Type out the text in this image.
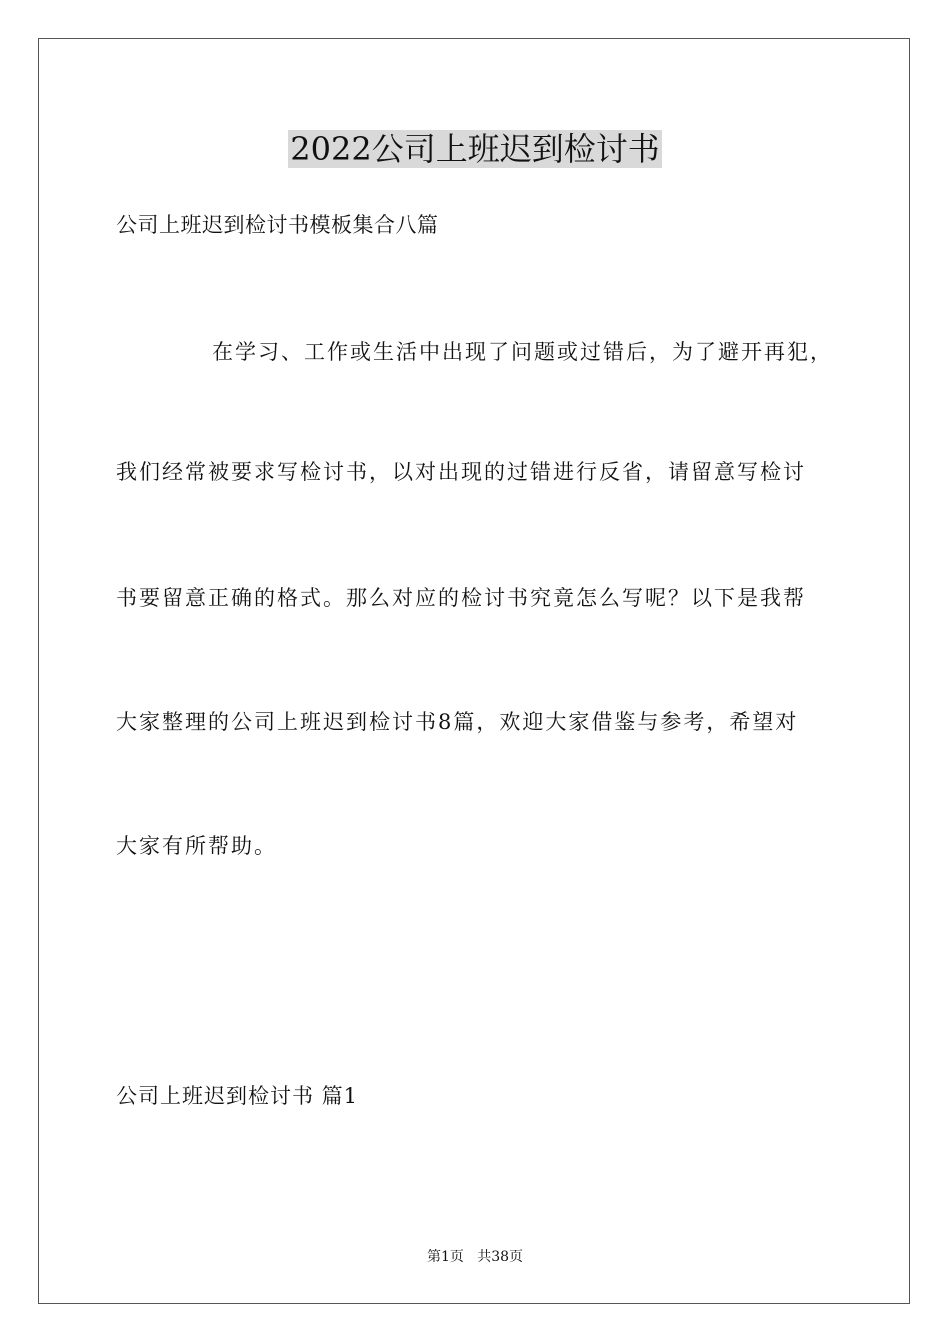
2022公司上班迟到检讨书
公司上班迟到检讨书模板集合八篇
在学习、工作或生活中出现了问题或过错后，为了避开再犯，
我们经常被要求写检讨书，以对出现的过错进行反省，请留意写检讨
书要留意正确的格式。那么对应的检讨书究竟怎么写呢？以下是我帮
大家整理的公司上班迟到检讨书8篇，欢迎大家借鉴与参考，希望对
大家有所帮助。
公司上班迟到检讨书 篇1
第1页   共38页
